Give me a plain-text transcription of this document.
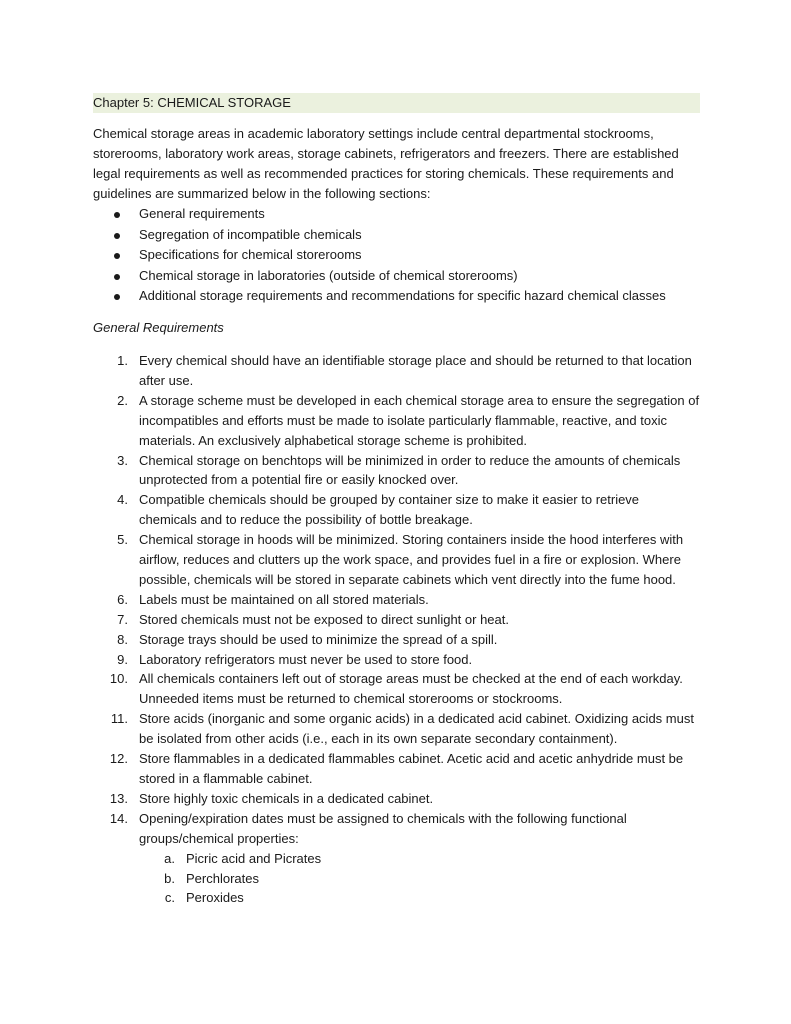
Chapter 5: CHEMICAL STORAGE
Chemical storage areas in academic laboratory settings include central departmental stockrooms, storerooms, laboratory work areas, storage cabinets, refrigerators and freezers. There are established legal requirements as well as recommended practices for storing chemicals. These requirements and guidelines are summarized below in the following sections:
General requirements
Segregation of incompatible chemicals
Specifications for chemical storerooms
Chemical storage in laboratories (outside of chemical storerooms)
Additional storage requirements and recommendations for specific hazard chemical classes
General Requirements
1. Every chemical should have an identifiable storage place and should be returned to that location after use.
2. A storage scheme must be developed in each chemical storage area to ensure the segregation of incompatibles and efforts must be made to isolate particularly flammable, reactive, and toxic materials. An exclusively alphabetical storage scheme is prohibited.
3. Chemical storage on benchtops will be minimized in order to reduce the amounts of chemicals unprotected from a potential fire or easily knocked over.
4. Compatible chemicals should be grouped by container size to make it easier to retrieve chemicals and to reduce the possibility of bottle breakage.
5. Chemical storage in hoods will be minimized. Storing containers inside the hood interferes with airflow, reduces and clutters up the work space, and provides fuel in a fire or explosion. Where possible, chemicals will be stored in separate cabinets which vent directly into the fume hood.
6. Labels must be maintained on all stored materials.
7. Stored chemicals must not be exposed to direct sunlight or heat.
8. Storage trays should be used to minimize the spread of a spill.
9. Laboratory refrigerators must never be used to store food.
10. All chemicals containers left out of storage areas must be checked at the end of each workday. Unneeded items must be returned to chemical storerooms or stockrooms.
11. Store acids (inorganic and some organic acids) in a dedicated acid cabinet. Oxidizing acids must be isolated from other acids (i.e., each in its own separate secondary containment).
12. Store flammables in a dedicated flammables cabinet. Acetic acid and acetic anhydride must be stored in a flammable cabinet.
13. Store highly toxic chemicals in a dedicated cabinet.
14. Opening/expiration dates must be assigned to chemicals with the following functional groups/chemical properties:
a. Picric acid and Picrates
b. Perchlorates
c. Peroxides
